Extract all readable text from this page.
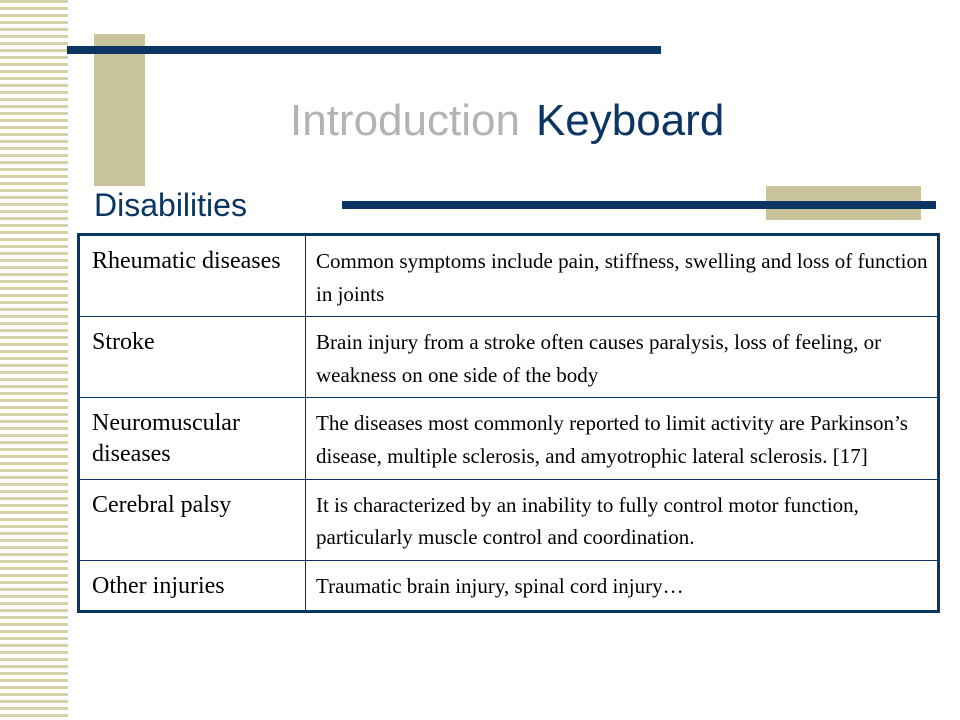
Introduction Keyboard
Disabilities
Rheumatic diseases	Common symptoms include pain, stiffness, swelling and loss of function in joints
Stroke	Brain injury from a stroke often causes paralysis, loss of feeling, or weakness on one side of the body
Neuromuscular diseases	The diseases most commonly reported to limit activity are Parkinson’s disease, multiple sclerosis, and amyotrophic lateral sclerosis. [17]
Cerebral palsy	It is characterized by an inability to fully control motor function, particularly muscle control and coordination.
Other injuries	Traumatic brain injury, spinal cord injury…
